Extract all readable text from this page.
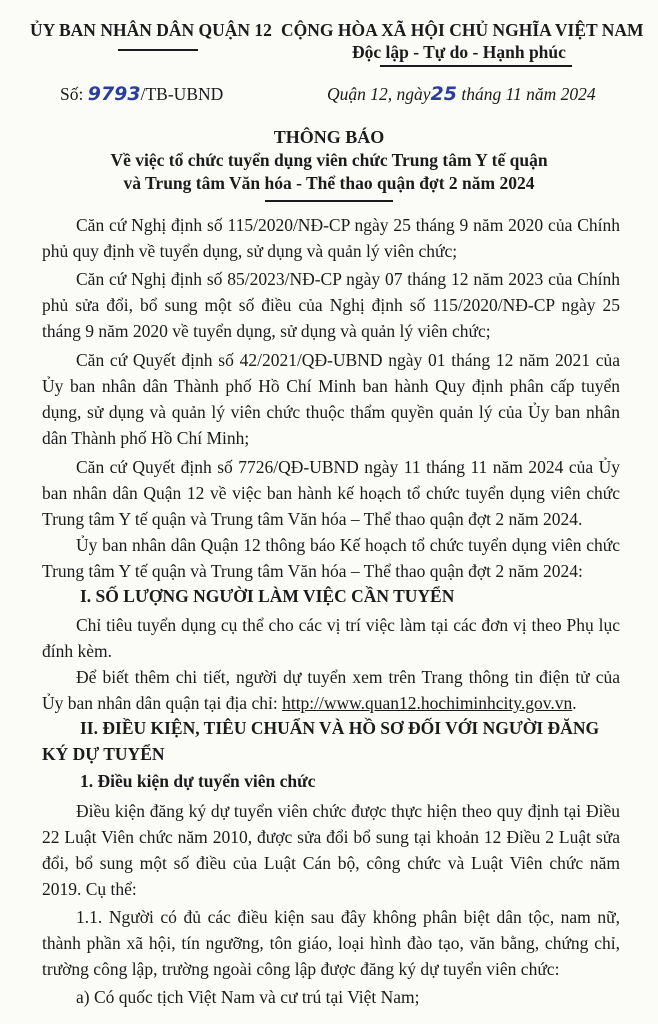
ỦY BAN NHÂN DÂN QUẬN 12 CỘNG HÒA XÃ HỘI CHỦ NGHĨA VIỆT NAM
Độc lập - Tự do - Hạnh phúc
Số: 9793/TB-UBND	Quận 12, ngày25 tháng 11 năm 2024
THÔNG BÁO
Về việc tổ chức tuyển dụng viên chức Trung tâm Y tế quận
và Trung tâm Văn hóa - Thể thao quận đợt 2 năm 2024
Căn cứ Nghị định số 115/2020/NĐ-CP ngày 25 tháng 9 năm 2020 của Chính phủ quy định về tuyển dụng, sử dụng và quản lý viên chức;
Căn cứ Nghị định số 85/2023/NĐ-CP ngày 07 tháng 12 năm 2023 của Chính phủ sửa đổi, bổ sung một số điều của Nghị định số 115/2020/NĐ-CP ngày 25 tháng 9 năm 2020 về tuyển dụng, sử dụng và quản lý viên chức;
Căn cứ Quyết định số 42/2021/QĐ-UBND ngày 01 tháng 12 năm 2021 của Ủy ban nhân dân Thành phố Hồ Chí Minh ban hành Quy định phân cấp tuyển dụng, sử dụng và quản lý viên chức thuộc thẩm quyền quản lý của Ủy ban nhân dân Thành phố Hồ Chí Minh;
Căn cứ Quyết định số 7726/QĐ-UBND ngày 11 tháng 11 năm 2024 của Ủy ban nhân dân Quận 12 về việc ban hành kế hoạch tổ chức tuyển dụng viên chức Trung tâm Y tế quận và Trung tâm Văn hóa – Thể thao quận đợt 2 năm 2024.
Ủy ban nhân dân Quận 12 thông báo Kế hoạch tổ chức tuyển dụng viên chức Trung tâm Y tế quận và Trung tâm Văn hóa – Thể thao quận đợt 2 năm 2024:
I. SỐ LƯỢNG NGƯỜI LÀM VIỆC CẦN TUYỂN
Chỉ tiêu tuyển dụng cụ thể cho các vị trí việc làm tại các đơn vị theo Phụ lục đính kèm.
Để biết thêm chi tiết, người dự tuyển xem trên Trang thông tin điện tử của Ủy ban nhân dân quận tại địa chỉ: http://www.quan12.hochiminhcity.gov.vn.
II. ĐIỀU KIỆN, TIÊU CHUẨN VÀ HỒ SƠ ĐỐI VỚI NGƯỜI ĐĂNG
KÝ DỰ TUYỂN
1. Điều kiện dự tuyển viên chức
Điều kiện đăng ký dự tuyển viên chức được thực hiện theo quy định tại Điều 22 Luật Viên chức năm 2010, được sửa đổi bổ sung tại khoản 12 Điều 2 Luật sửa đổi, bổ sung một số điều của Luật Cán bộ, công chức và Luật Viên chức năm 2019. Cụ thể:
1.1. Người có đủ các điều kiện sau đây không phân biệt dân tộc, nam nữ, thành phần xã hội, tín ngưỡng, tôn giáo, loại hình đào tạo, văn bằng, chứng chỉ, trường công lập, trường ngoài công lập được đăng ký dự tuyển viên chức:
a) Có quốc tịch Việt Nam và cư trú tại Việt Nam;
